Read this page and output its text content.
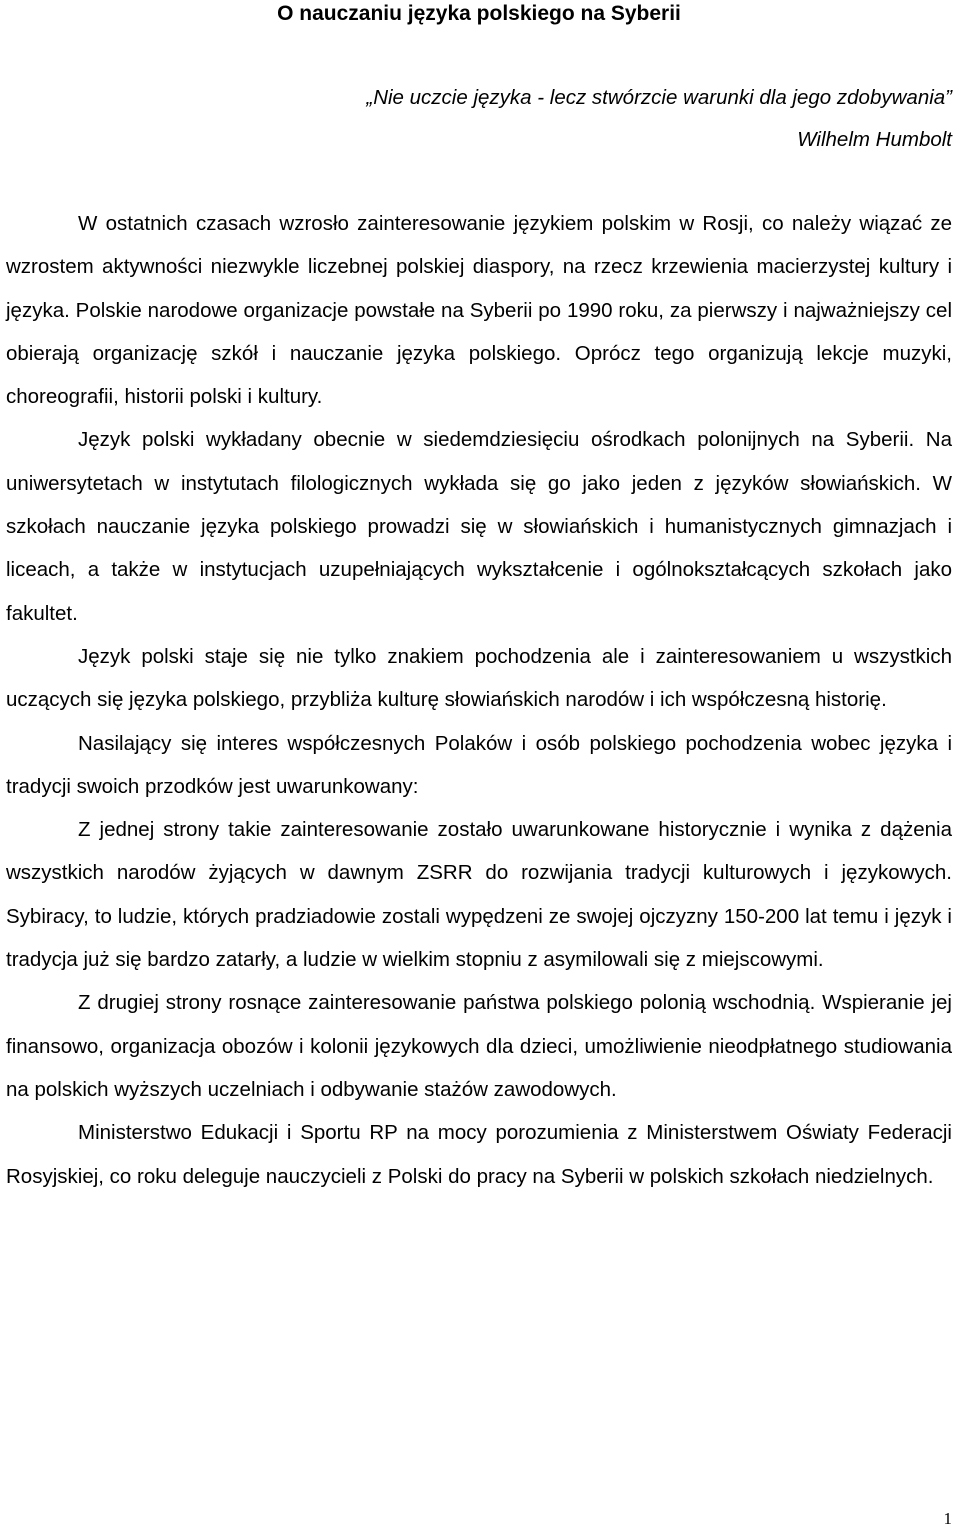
O nauczaniu języka polskiego na Syberii

„Nie uczcie języka - lecz stwórzcie warunki dla jego zdobywania”

Wilhelm Humbolt

W ostatnich czasach wzrosło zainteresowanie językiem polskim w Rosji, co należy wiązać ze wzrostem aktywności niezwykle liczebnej polskiej diaspory, na rzecz krzewienia macierzystej kultury i języka. Polskie narodowe organizacje powstałe na Syberii po 1990 roku, za pierwszy i najważniejszy cel obierają organizację szkół i nauczanie języka polskiego. Oprócz tego organizują lekcje muzyki, choreografii, historii polski i kultury.

Język polski wykładany obecnie w siedemdziesięciu ośrodkach polonijnych na Syberii. Na uniwersytetach w instytutach filologicznych wykłada się go jako jeden z języków słowiańskich. W szkołach nauczanie języka polskiego prowadzi się w słowiańskich i humanistycznych gimnazjach i liceach, a także w instytucjach uzupełniających wykształcenie i ogólnokształcących szkołach jako fakultet.

Język polski staje się nie tylko znakiem pochodzenia ale i zainteresowaniem u wszystkich uczących się języka polskiego, przybliża kulturę słowiańskich narodów i ich współczesną historię.

Nasilający się interes współczesnych Polaków i osób polskiego pochodzenia wobec języka i tradycji swoich przodków jest uwarunkowany:

Z jednej strony takie zainteresowanie zostało uwarunkowane historycznie i wynika z dążenia wszystkich narodów żyjących w dawnym ZSRR do rozwijania tradycji kulturowych i językowych. Sybiracy, to ludzie, których pradziadowie zostali wypędzeni ze swojej ojczyzny 150-200 lat temu i język i tradycja już się bardzo zatarły, a ludzie w wielkim stopniu z asymilowali się z miejscowymi.

Z drugiej strony rosnące zainteresowanie państwa polskiego polonią wschodnią. Wspieranie jej finansowo, organizacja obozów i kolonii językowych dla dzieci, umożliwienie nieodpłatnego studiowania na polskich wyższych uczelniach i odbywanie stażów zawodowych.

Ministerstwo Edukacji i Sportu RP na mocy porozumienia z Ministerstwem Oświaty Federacji Rosyjskiej, co roku deleguje nauczycieli z Polski do pracy na Syberii w polskich szkołach niedzielnych.

1
